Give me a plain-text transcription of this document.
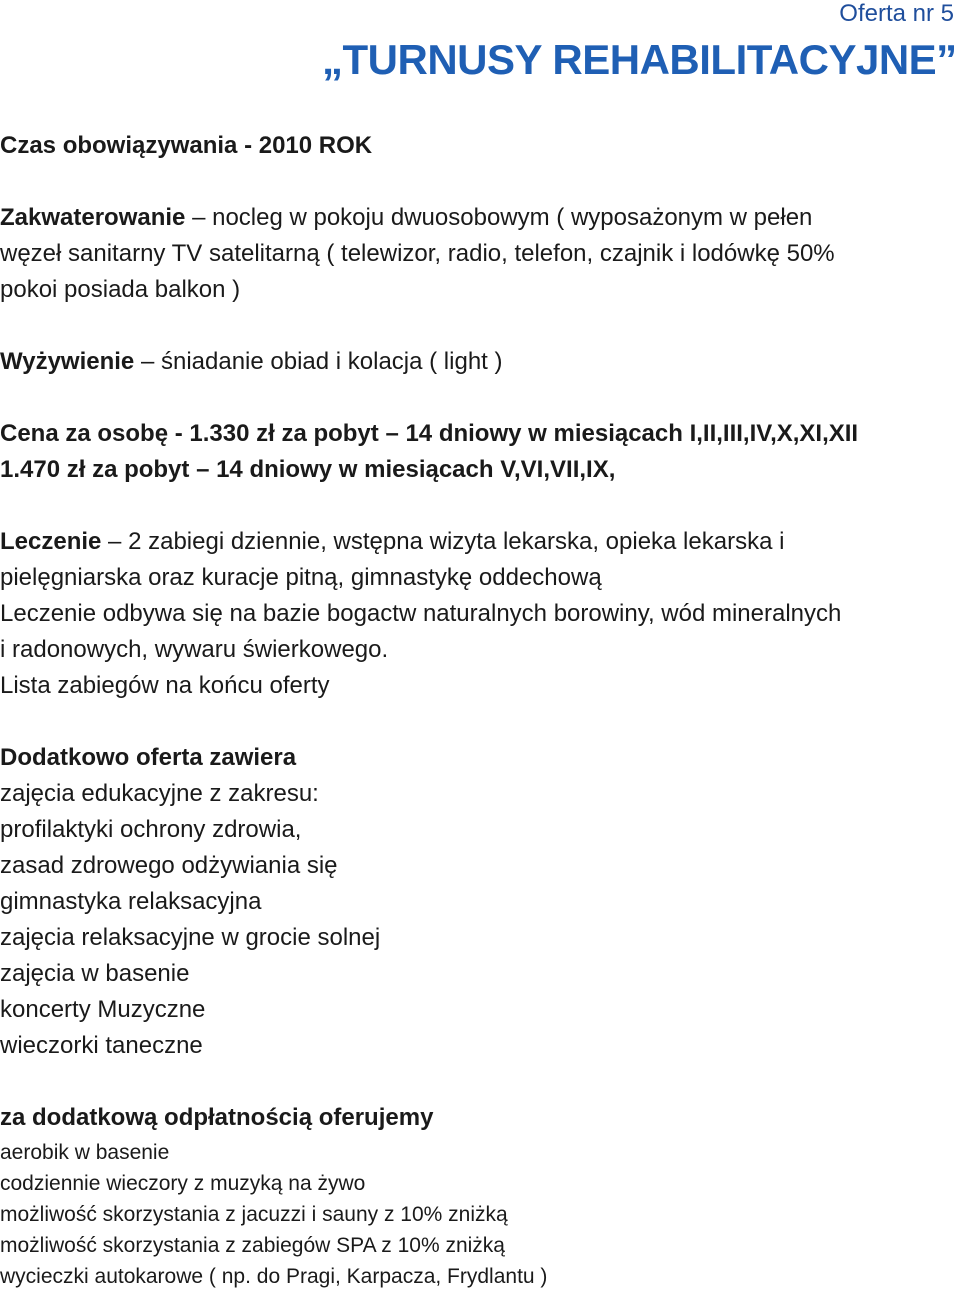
Oferta nr 5
„TURNUSY REHABILITACYJNE”
Czas obowiązywania - 2010 ROK
Zakwaterowanie – nocleg w pokoju dwuosobowym ( wyposażonym w pełen
węzeł sanitarny TV satelitarną ( telewizor, radio, telefon, czajnik i lodówkę 50%
pokoi posiada balkon )
Wyżywienie – śniadanie obiad i kolacja ( light )
Cena za osobę - 1.330 zł za pobyt – 14 dniowy w miesiącach I,II,III,IV,X,XI,XII
1.470 zł za pobyt – 14 dniowy w miesiącach V,VI,VII,IX,
Leczenie – 2 zabiegi dziennie, wstępna wizyta lekarska, opieka lekarska i
pielęgniarska oraz kuracje pitną, gimnastykę oddechową
Leczenie odbywa się na bazie bogactw naturalnych borowiny, wód mineralnych
i radonowych, wywaru świerkowego.
Lista zabiegów na końcu oferty
Dodatkowo oferta zawiera
zajęcia edukacyjne z zakresu:
profilaktyki ochrony zdrowia,
zasad zdrowego odżywiania się
gimnastyka relaksacyjna
zajęcia relaksacyjne w grocie solnej
zajęcia w basenie
koncerty Muzyczne
wieczorki taneczne
za dodatkową odpłatnością oferujemy
aerobik w basenie
codziennie wieczory z muzyką na żywo
możliwość skorzystania z jacuzzi i sauny z 10% zniżką
możliwość skorzystania z zabiegów SPA z 10% zniżką
wycieczki autokarowe ( np. do Pragi, Karpacza, Frydlantu )
